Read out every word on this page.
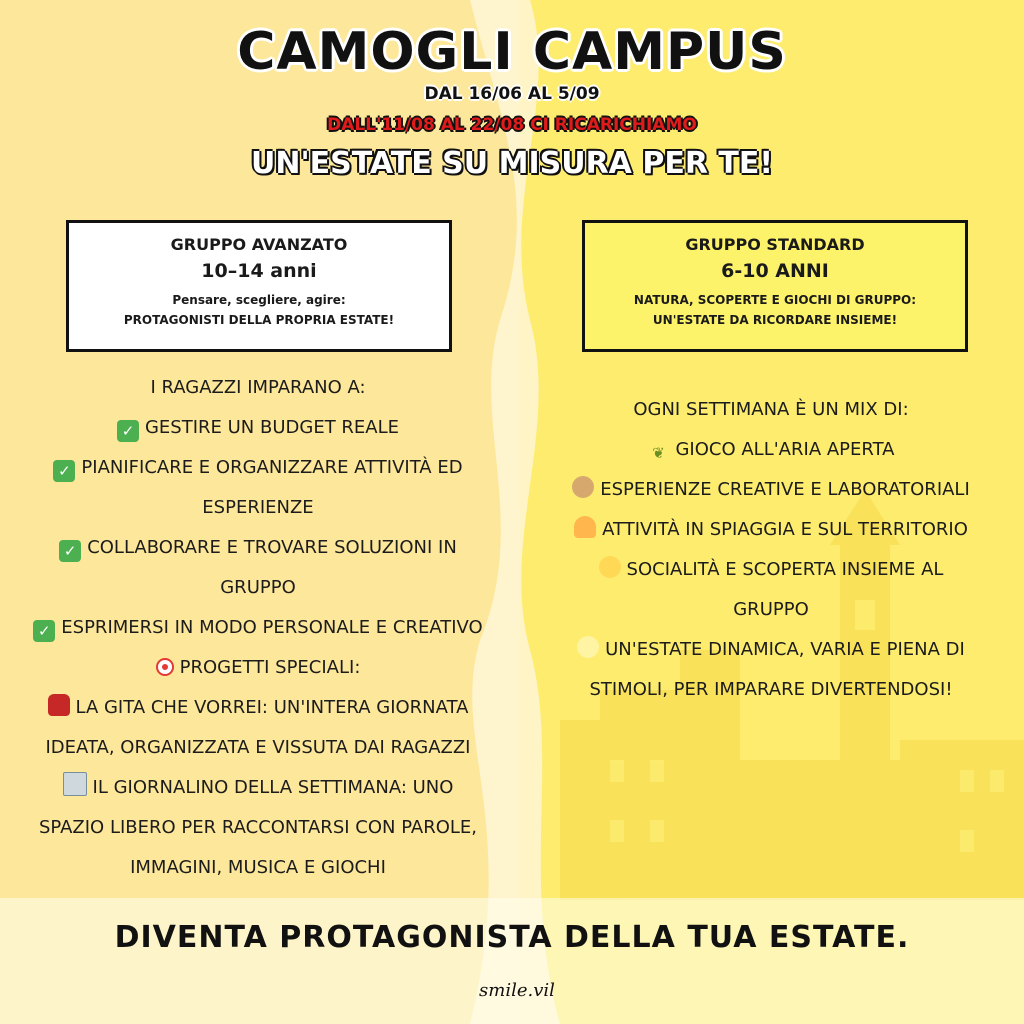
CAMOGLI CAMPUS
DAL 16/06 AL 5/09
DALL'11/08 AL 22/08 CI RICARICHIAMO
UN'ESTATE SU MISURA PER TE!
GRUPPO AVANZATO
10–14 anni
Pensare, scegliere, agire:
PROTAGONISTI DELLA PROPRIA ESTATE!
GRUPPO STANDARD
6-10 ANNI
NATURA, SCOPERTE E GIOCHI DI GRUPPO:
UN'ESTATE DA RICORDARE INSIEME!
I RAGAZZI IMPARANO A:
✓ GESTIRE UN BUDGET REALE
✓ PIANIFICARE E ORGANIZZARE ATTIVITÀ ED
ESPERIENZE
✓ COLLABORARE E TROVARE SOLUZIONI IN
GRUPPO
✓ ESPRIMERSI IN MODO PERSONALE E CREATIVO
PROGETTI SPECIALI:
LA GITA CHE VORREI: UN'INTERA GIORNATA
IDEATA, ORGANIZZATA E VISSUTA DAI RAGAZZI
IL GIORNALINO DELLA SETTIMANA: UNO
SPAZIO LIBERO PER RACCONTARSI CON PAROLE,
IMMAGINI, MUSICA E GIOCHI
OGNI SETTIMANA È UN MIX DI:
❦ GIOCO ALL'ARIA APERTA
ESPERIENZE CREATIVE E LABORATORIALI
ATTIVITÀ IN SPIAGGIA E SUL TERRITORIO
SOCIALITÀ E SCOPERTA INSIEME AL
GRUPPO
UN'ESTATE DINAMICA, VARIA E PIENA DI
STIMOLI, PER IMPARARE DIVERTENDOSI!
DIVENTA PROTAGONISTA DELLA TUA ESTATE.
smile.vil
